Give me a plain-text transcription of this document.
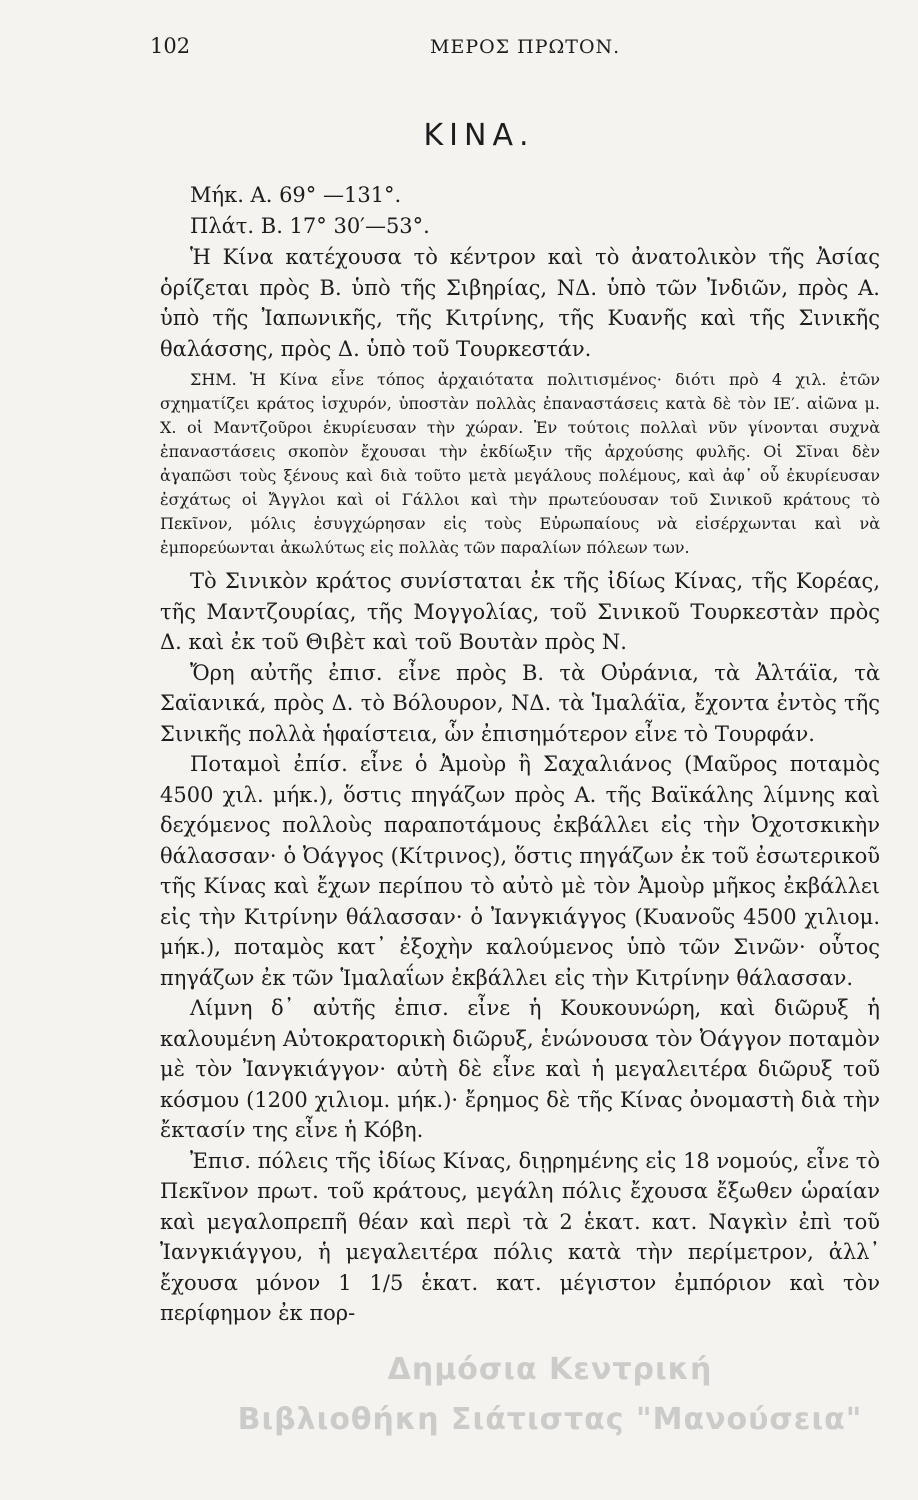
102	ΜΕΡΟΣ ΠΡΩΤΟΝ.
ΚΙΝΑ.

Μήκ. Α. 69° —131°.

Πλάτ. Β. 17° 30′—53°.

Ἡ Κίνα κατέχουσα τὸ κέντρον καὶ τὸ ἀνατολικὸν τῆς Ἀσίας ὁρίζεται πρὸς Β. ὑπὸ τῆς Σιβηρίας, ΝΔ. ὑπὸ τῶν Ἰνδιῶν, πρὸς Α. ὑπὸ τῆς Ἰαπωνικῆς, τῆς Κιτρίνης, τῆς Κυανῆς καὶ τῆς Σινικῆς θαλάσσης, πρὸς Δ. ὑπὸ τοῦ Τουρκεστάν.

ΣΗΜ. Ἡ Κίνα εἶνε τόπος ἀρχαιότατα πολιτισμένος· διότι πρὸ 4 χιλ. ἐτῶν σχηματίζει κράτος ἰσχυρόν, ὑποστὰν πολλὰς ἐπαναστάσεις κατὰ δὲ τὸν ΙΕ′. αἰῶνα μ. Χ. οἱ Μαντζοῦροι ἐκυρίευσαν τὴν χώραν. Ἐν τούτοις πολλαὶ νῦν γίνονται συχνὰ ἐπαναστάσεις σκοπὸν ἔχουσαι τὴν ἐκδίωξιν τῆς ἀρχούσης φυλῆς. Οἱ Σῖναι δὲν ἀγαπῶσι τοὺς ξένους καὶ διὰ τοῦτο μετὰ μεγάλους πολέμους, καὶ ἀφ᾿ οὗ ἐκυρίευσαν ἐσχάτως οἱ Ἄγγλοι καὶ οἱ Γάλλοι καὶ τὴν πρωτεύουσαν τοῦ Σινικοῦ κράτους τὸ Πεκῖνον, μόλις ἐσυγχώρησαν εἰς τοὺς Εὐρωπαίους νὰ εἰσέρχωνται καὶ νὰ ἐμπορεύωνται ἀκωλύτως εἰς πολλὰς τῶν παραλίων πόλεων των.

Τὸ Σινικὸν κράτος συνίσταται ἐκ τῆς ἰδίως Κίνας, τῆς Κορέας, τῆς Μαντζουρίας, τῆς Μογγολίας, τοῦ Σινικοῦ Τουρκεστὰν πρὸς Δ. καὶ ἐκ τοῦ Θιβὲτ καὶ τοῦ Βουτὰν πρὸς Ν.

Ὄρη αὐτῆς ἐπισ. εἶνε πρὸς Β. τὰ Οὐράνια, τὰ Ἀλτάϊα, τὰ Σαϊανικά, πρὸς Δ. τὸ Βόλουρον, ΝΔ. τὰ Ἱμαλάϊα, ἔχοντα ἐντὸς τῆς Σινικῆς πολλὰ ἡφαίστεια, ὧν ἐπισημότερον εἶνε τὸ Τουρφάν.

Ποταμοὶ ἐπίσ. εἶνε ὁ Ἀμοὺρ ἢ Σαχαλιάνος (Μαῦρος ποταμὸς 4500 χιλ. μήκ.), ὅστις πηγάζων πρὸς Α. τῆς Βαϊκάλης λίμνης καὶ δεχόμενος πολλοὺς παραποτάμους ἐκβάλλει εἰς τὴν Ὀχοτσκικὴν θάλασσαν· ὁ Ὀάγγος (Κίτρινος), ὅστις πηγάζων ἐκ τοῦ ἐσωτερικοῦ τῆς Κίνας καὶ ἔχων περίπου τὸ αὐτὸ μὲ τὸν Ἀμοὺρ μῆκος ἐκβάλλει εἰς τὴν Κιτρίνην θάλασσαν· ὁ Ἰανγκιάγγος (Κυανοῦς 4500 χιλιομ. μήκ.), ποταμὸς κατ᾿ ἐξοχὴν καλούμενος ὑπὸ τῶν Σινῶν· οὗτος πηγάζων ἐκ τῶν Ἱμαλαΐων ἐκβάλλει εἰς τὴν Κιτρίνην θάλασσαν.

Λίμνη δ᾿ αὐτῆς ἐπισ. εἶνε ἡ Κουκουνώρη, καὶ διῶρυξ ἡ καλουμένη Αὐτοκρατορικὴ διῶρυξ, ἑνώνουσα τὸν Ὀάγγον ποταμὸν μὲ τὸν Ἰανγκιάγγον· αὐτὴ δὲ εἶνε καὶ ἡ μεγαλειτέρα διῶρυξ τοῦ κόσμου (1200 χιλιομ. μήκ.)· ἔρημος δὲ τῆς Κίνας ὀνομαστὴ διὰ τὴν ἔκτασίν της εἶνε ἡ Κόβη.

Ἐπισ. πόλεις τῆς ἰδίως Κίνας, διῃρημένης εἰς 18 νομούς, εἶνε τὸ Πεκῖνον πρωτ. τοῦ κράτους, μεγάλη πόλις ἔχουσα ἔξωθεν ὡραίαν καὶ μεγαλοπρεπῆ θέαν καὶ περὶ τὰ 2 ἑκατ. κατ. Ναγκὶν ἐπὶ τοῦ Ἰανγκιάγγου, ἡ μεγαλειτέρα πόλις κατὰ τὴν περίμετρον, ἀλλ᾿ ἔχουσα μόνον 1 1/5 ἑκατ. κατ. μέγιστον ἐμπόριον καὶ τὸν περίφημον ἐκ πορ-

Δημόσια Κεντρική
Βιβλιοθήκη Σιάτιστας "Μανούσεια"
